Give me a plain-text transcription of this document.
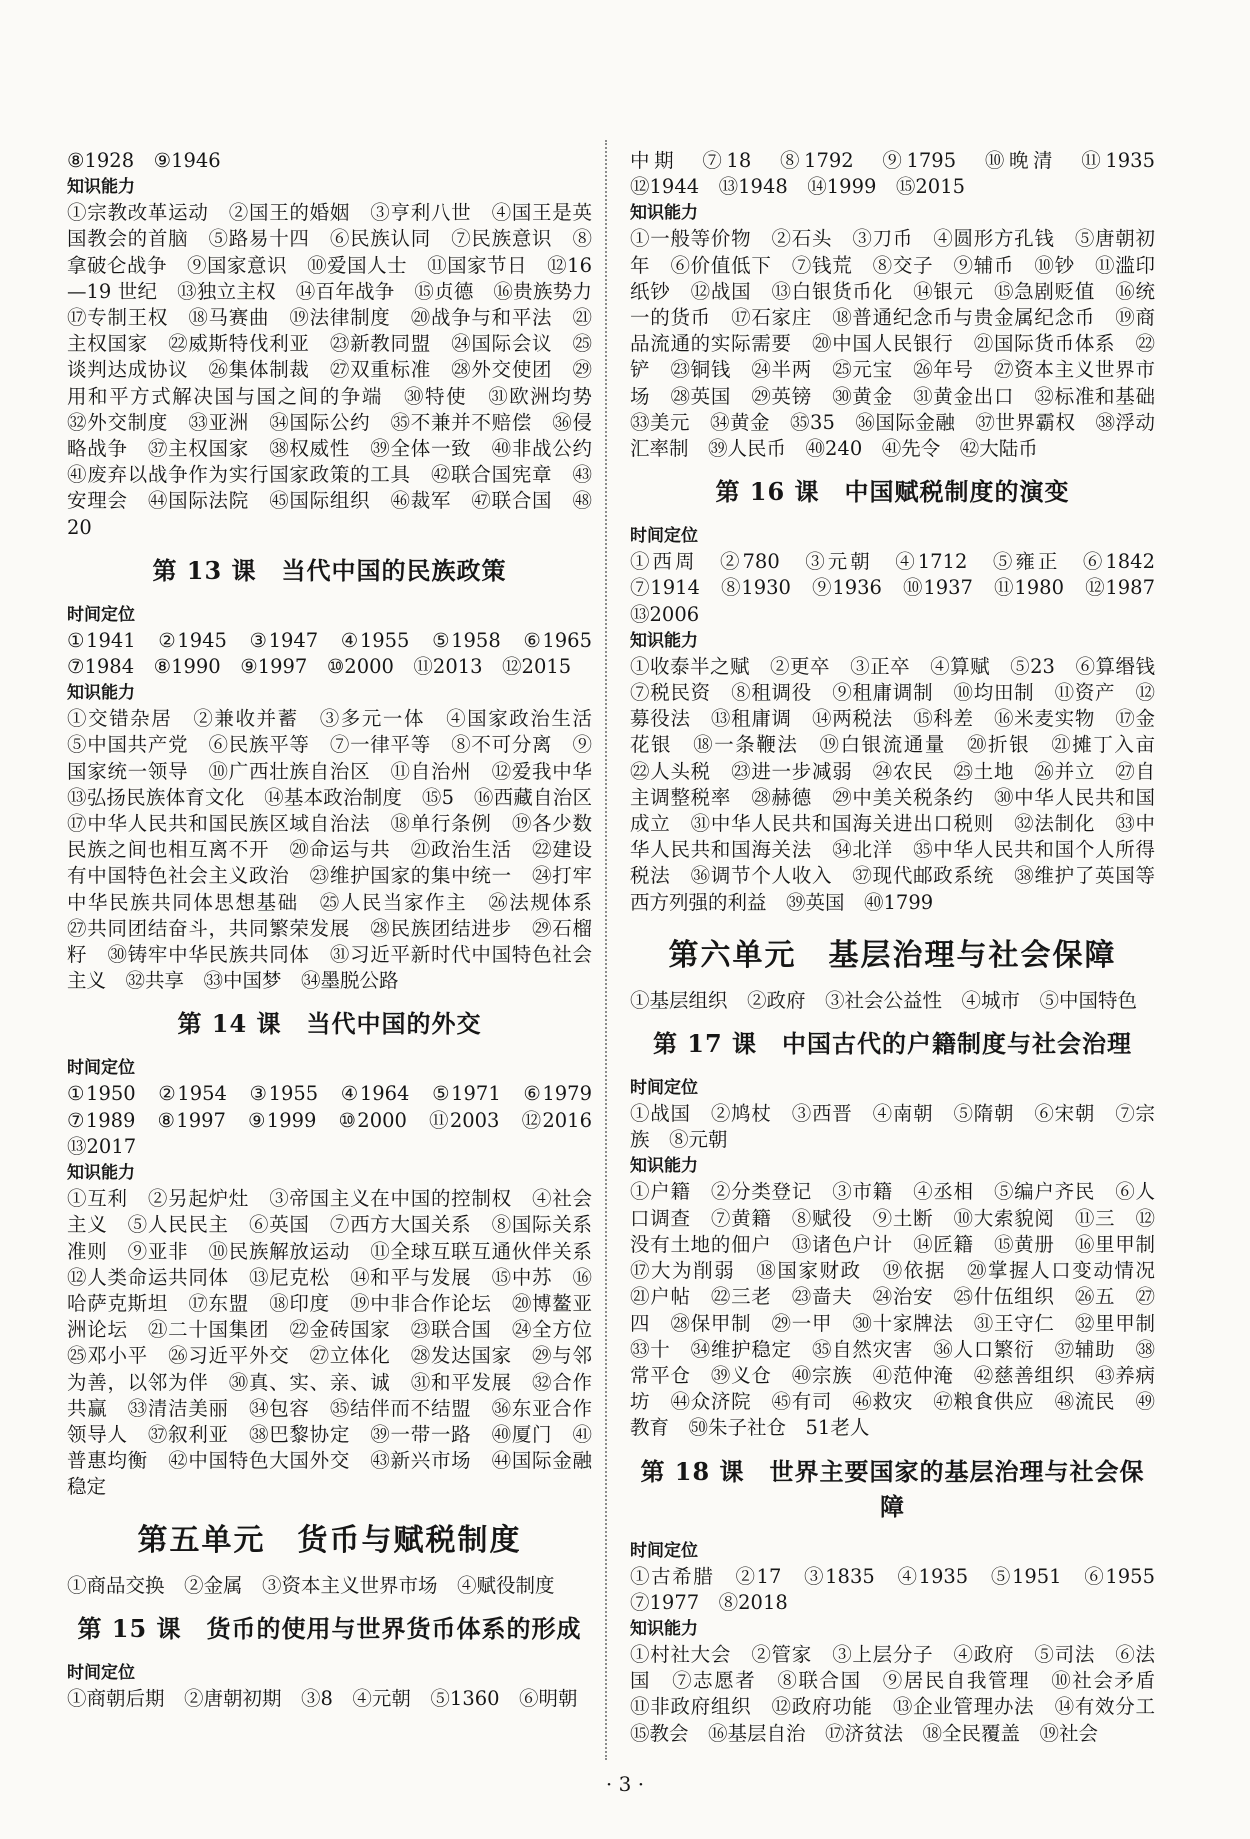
⑧1928　⑨1946

知识能力

①宗教改革运动　②国王的婚姻　③亨利八世　④国王是英国教会的首脑　⑤路易十四　⑥民族认同　⑦民族意识　⑧拿破仑战争　⑨国家意识　⑩爱国人士　⑪国家节日　⑫16—19 世纪　⑬独立主权　⑭百年战争　⑮贞德　⑯贵族势力　⑰专制王权　⑱马赛曲　⑲法律制度　⑳战争与和平法　㉑主权国家　㉒威斯特伐利亚　㉓新教同盟　㉔国际会议　㉕谈判达成协议　㉖集体制裁　㉗双重标准　㉘外交使团　㉙用和平方式解决国与国之间的争端　㉚特使　㉛欧洲均势　㉜外交制度　㉝亚洲　㉞国际公约　㉟不兼并不赔偿　㊱侵略战争　㊲主权国家　㊳权威性　㊴全体一致　㊵非战公约　㊶废弃以战争作为实行国家政策的工具　㊷联合国宪章　㊸安理会　㊹国际法院　㊺国际组织　㊻裁军　㊼联合国　㊽20

第 13 课　当代中国的民族政策

时间定位

①1941　②1945　③1947　④1955　⑤1958　⑥1965　⑦1984　⑧1990　⑨1997　⑩2000　⑪2013　⑫2015

知识能力

①交错杂居　②兼收并蓄　③多元一体　④国家政治生活　⑤中国共产党　⑥民族平等　⑦一律平等　⑧不可分离　⑨国家统一领导　⑩广西壮族自治区　⑪自治州　⑫爱我中华　⑬弘扬民族体育文化　⑭基本政治制度　⑮5　⑯西藏自治区　⑰中华人民共和国民族区域自治法　⑱单行条例　⑲各少数民族之间也相互离不开　⑳命运与共　㉑政治生活　㉒建设有中国特色社会主义政治　㉓维护国家的集中统一　㉔打牢中华民族共同体思想基础　㉕人民当家作主　㉖法规体系　㉗共同团结奋斗，共同繁荣发展　㉘民族团结进步　㉙石榴籽　㉚铸牢中华民族共同体　㉛习近平新时代中国特色社会主义　㉜共享　㉝中国梦　㉞墨脱公路

第 14 课　当代中国的外交

时间定位

①1950　②1954　③1955　④1964　⑤1971　⑥1979　⑦1989　⑧1997　⑨1999　⑩2000　⑪2003　⑫2016　⑬2017

知识能力

①互利　②另起炉灶　③帝国主义在中国的控制权　④社会主义　⑤人民民主　⑥英国　⑦西方大国关系　⑧国际关系准则　⑨亚非　⑩民族解放运动　⑪全球互联互通伙伴关系　⑫人类命运共同体　⑬尼克松　⑭和平与发展　⑮中苏　⑯哈萨克斯坦　⑰东盟　⑱印度　⑲中非合作论坛　⑳博鳌亚洲论坛　㉑二十国集团　㉒金砖国家　㉓联合国　㉔全方位　㉕邓小平　㉖习近平外交　㉗立体化　㉘发达国家　㉙与邻为善，以邻为伴　㉚真、实、亲、诚　㉛和平发展　㉜合作共赢　㉝清洁美丽　㉞包容　㉟结伴而不结盟　㊱东亚合作领导人　㊲叙利亚　㊳巴黎协定　㊴一带一路　㊵厦门　㊶普惠均衡　㊷中国特色大国外交　㊸新兴市场　㊹国际金融稳定

第五单元　货币与赋税制度

①商品交换　②金属　③资本主义世界市场　④赋役制度

第 15 课　货币的使用与世界货币体系的形成

时间定位

①商朝后期　②唐朝初期　③8　④元朝　⑤1360　⑥明朝

中期　⑦18　⑧1792　⑨1795　⑩晚清　⑪1935　⑫1944　⑬1948　⑭1999　⑮2015

知识能力

①一般等价物　②石头　③刀币　④圆形方孔钱　⑤唐朝初年　⑥价值低下　⑦钱荒　⑧交子　⑨辅币　⑩钞　⑪滥印纸钞　⑫战国　⑬白银货币化　⑭银元　⑮急剧贬值　⑯统一的货币　⑰石家庄　⑱普通纪念币与贵金属纪念币　⑲商品流通的实际需要　⑳中国人民银行　㉑国际货币体系　㉒铲　㉓铜钱　㉔半两　㉕元宝　㉖年号　㉗资本主义世界市场　㉘英国　㉙英镑　㉚黄金　㉛黄金出口　㉜标准和基础　㉝美元　㉞黄金　㉟35　㊱国际金融　㊲世界霸权　㊳浮动汇率制　㊴人民币　㊵240　㊶先令　㊷大陆币

第 16 课　中国赋税制度的演变

时间定位

①西周　②780　③元朝　④1712　⑤雍正　⑥1842　⑦1914　⑧1930　⑨1936　⑩1937　⑪1980　⑫1987　⑬2006

知识能力

①收泰半之赋　②更卒　③正卒　④算赋　⑤23　⑥算缗钱　⑦税民资　⑧租调役　⑨租庸调制　⑩均田制　⑪资产　⑫募役法　⑬租庸调　⑭两税法　⑮科差　⑯米麦实物　⑰金花银　⑱一条鞭法　⑲白银流通量　⑳折银　㉑摊丁入亩　㉒人头税　㉓进一步减弱　㉔农民　㉕土地　㉖并立　㉗自主调整税率　㉘赫德　㉙中美关税条约　㉚中华人民共和国成立　㉛中华人民共和国海关进出口税则　㉜法制化　㉝中华人民共和国海关法　㉞北洋　㉟中华人民共和国个人所得税法　㊱调节个人收入　㊲现代邮政系统　㊳维护了英国等西方列强的利益　㊴英国　㊵1799

第六单元　基层治理与社会保障

①基层组织　②政府　③社会公益性　④城市　⑤中国特色

第 17 课　中国古代的户籍制度与社会治理

时间定位

①战国　②鸠杖　③西晋　④南朝　⑤隋朝　⑥宋朝　⑦宗族　⑧元朝

知识能力

①户籍　②分类登记　③市籍　④丞相　⑤编户齐民　⑥人口调查　⑦黄籍　⑧赋役　⑨土断　⑩大索貌阅　⑪三　⑫没有土地的佃户　⑬诸色户计　⑭匠籍　⑮黄册　⑯里甲制　⑰大为削弱　⑱国家财政　⑲依据　⑳掌握人口变动情况　㉑户帖　㉒三老　㉓啬夫　㉔治安　㉕什伍组织　㉖五　㉗四　㉘保甲制　㉙一甲　㉚十家牌法　㉛王守仁　㉜里甲制　㉝十　㉞维护稳定　㉟自然灾害　㊱人口繁衍　㊲辅助　㊳常平仓　㊴义仓　㊵宗族　㊶范仲淹　㊷慈善组织　㊸养病坊　㊹众济院　㊺有司　㊻救灾　㊼粮食供应　㊽流民　㊾教育　㊿朱子社仓　51老人

第 18 课　世界主要国家的基层治理与社会保障

时间定位

①古希腊　②17　③1835　④1935　⑤1951　⑥1955　⑦1977　⑧2018

知识能力

①村社大会　②管家　③上层分子　④政府　⑤司法　⑥法国　⑦志愿者　⑧联合国　⑨居民自我管理　⑩社会矛盾　⑪非政府组织　⑫政府功能　⑬企业管理办法　⑭有效分工　⑮教会　⑯基层自治　⑰济贫法　⑱全民覆盖　⑲社会

· 3 ·
